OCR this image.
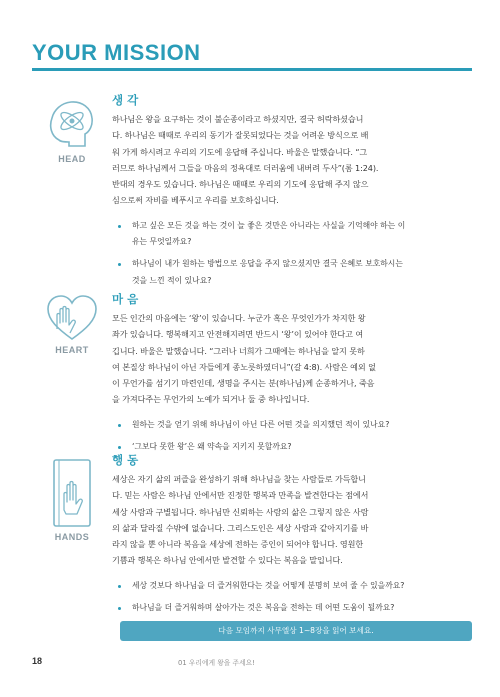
YOUR MISSION
HEAD
생 각
하나님은 왕을 요구하는 것이 불순종이라고 하셨지만, 결국 허락하셨습니
다. 하나님은 때때로 우리의 동기가 잘못되었다는 것을 어려운 방식으로 배
워 가게 하시려고 우리의 기도에 응답해 주십니다. 바울은 말했습니다. “그
러므로 하나님께서 그들을 마음의 정욕대로 더러움에 내버려 두사”(롬 1:24).
반대의 경우도 있습니다. 하나님은 때때로 우리의 기도에 응답해 주지 않으
심으로써 자비를 베푸시고 우리를 보호하십니다.
하고 싶은 모든 것을 하는 것이 늘 좋은 것만은 아니라는 사실을 기억해야 하는 이
유는 무엇일까요?
하나님이 내가 원하는 방법으로 응답을 주지 않으셨지만 결국 은혜로 보호하시는
것을 느낀 적이 있나요?
HEART
마 음
모든 인간의 마음에는 ‘왕’이 있습니다. 누군가 혹은 무엇인가가 차지한 왕
좌가 있습니다. 행복해지고 안전해지려면 반드시 ‘왕’이 있어야 한다고 여
깁니다. 바울은 말했습니다. “그러나 너희가 그때에는 하나님을 알지 못하
여 본질상 하나님이 아닌 자들에게 종노릇하였더니”(갈 4:8). 사람은 예외 없
이 무언가를 섬기기 마련인데, 생명을 주시는 분(하나님)께 순종하거나, 죽음
을 가져다주는 무언가의 노예가 되거나 둘 중 하나입니다.
원하는 것을 얻기 위해 하나님이 아닌 다른 어떤 것을 의지했던 적이 있나요?
‘그보다 못한 왕’은 왜 약속을 지키지 못할까요?
HANDS
행 동
세상은 자기 삶의 퍼즐을 완성하기 위해 하나님을 찾는 사람들로 가득합니
다. 믿는 사람은 하나님 안에서만 진정한 행복과 만족을 발견한다는 점에서
세상 사람과 구별됩니다. 하나님만 신뢰하는 사람의 삶은 그렇지 않은 사람
의 삶과 달라질 수밖에 없습니다. 그리스도인은 세상 사람과 같아지기를 바
라지 않을 뿐 아니라 복음을 세상에 전하는 증인이 되어야 합니다. 영원한
기쁨과 행복은 하나님 안에서만 발견할 수 있다는 복음을 말입니다.
세상 것보다 하나님을 더 즐거워한다는 것을 어떻게 분명히 보여 줄 수 있을까요?
하나님을 더 즐거워하며 살아가는 것은 복음을 전하는 데 어떤 도움이 될까요?
다음 모임까지 사무엘상 1~8장을 읽어 보세요.
18	01 우리에게 왕을 주세요!
